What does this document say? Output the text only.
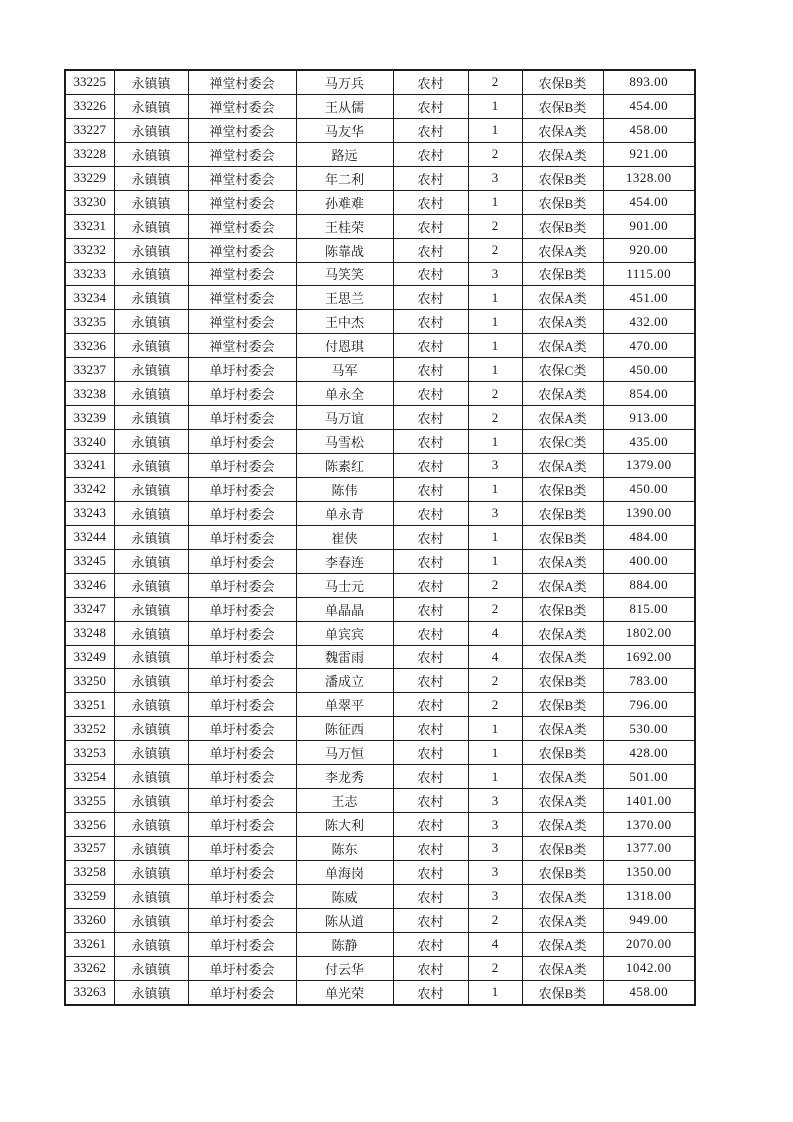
33225	永镇镇	禅堂村委会	马万兵	农村	2	农保B类	893.00
33226	永镇镇	禅堂村委会	王从儒	农村	1	农保B类	454.00
33227	永镇镇	禅堂村委会	马友华	农村	1	农保A类	458.00
33228	永镇镇	禅堂村委会	路远	农村	2	农保A类	921.00
33229	永镇镇	禅堂村委会	年二利	农村	3	农保B类	1328.00
33230	永镇镇	禅堂村委会	孙难难	农村	1	农保B类	454.00
33231	永镇镇	禅堂村委会	王桂荣	农村	2	农保B类	901.00
33232	永镇镇	禅堂村委会	陈靠战	农村	2	农保A类	920.00
33233	永镇镇	禅堂村委会	马笑笑	农村	3	农保B类	1115.00
33234	永镇镇	禅堂村委会	王思兰	农村	1	农保A类	451.00
33235	永镇镇	禅堂村委会	王中杰	农村	1	农保A类	432.00
33236	永镇镇	禅堂村委会	付恩琪	农村	1	农保A类	470.00
33237	永镇镇	单圩村委会	马军	农村	1	农保C类	450.00
33238	永镇镇	单圩村委会	单永全	农村	2	农保A类	854.00
33239	永镇镇	单圩村委会	马万谊	农村	2	农保A类	913.00
33240	永镇镇	单圩村委会	马雪松	农村	1	农保C类	435.00
33241	永镇镇	单圩村委会	陈素红	农村	3	农保A类	1379.00
33242	永镇镇	单圩村委会	陈伟	农村	1	农保B类	450.00
33243	永镇镇	单圩村委会	单永青	农村	3	农保B类	1390.00
33244	永镇镇	单圩村委会	崔侠	农村	1	农保B类	484.00
33245	永镇镇	单圩村委会	李春连	农村	1	农保A类	400.00
33246	永镇镇	单圩村委会	马士元	农村	2	农保A类	884.00
33247	永镇镇	单圩村委会	单晶晶	农村	2	农保B类	815.00
33248	永镇镇	单圩村委会	单宾宾	农村	4	农保A类	1802.00
33249	永镇镇	单圩村委会	魏雷雨	农村	4	农保A类	1692.00
33250	永镇镇	单圩村委会	潘成立	农村	2	农保B类	783.00
33251	永镇镇	单圩村委会	单翠平	农村	2	农保B类	796.00
33252	永镇镇	单圩村委会	陈征西	农村	1	农保A类	530.00
33253	永镇镇	单圩村委会	马万恒	农村	1	农保B类	428.00
33254	永镇镇	单圩村委会	李龙秀	农村	1	农保A类	501.00
33255	永镇镇	单圩村委会	王志	农村	3	农保A类	1401.00
33256	永镇镇	单圩村委会	陈大利	农村	3	农保A类	1370.00
33257	永镇镇	单圩村委会	陈东	农村	3	农保B类	1377.00
33258	永镇镇	单圩村委会	单海岗	农村	3	农保B类	1350.00
33259	永镇镇	单圩村委会	陈威	农村	3	农保A类	1318.00
33260	永镇镇	单圩村委会	陈从道	农村	2	农保A类	949.00
33261	永镇镇	单圩村委会	陈静	农村	4	农保A类	2070.00
33262	永镇镇	单圩村委会	付云华	农村	2	农保A类	1042.00
33263	永镇镇	单圩村委会	单光荣	农村	1	农保B类	458.00
